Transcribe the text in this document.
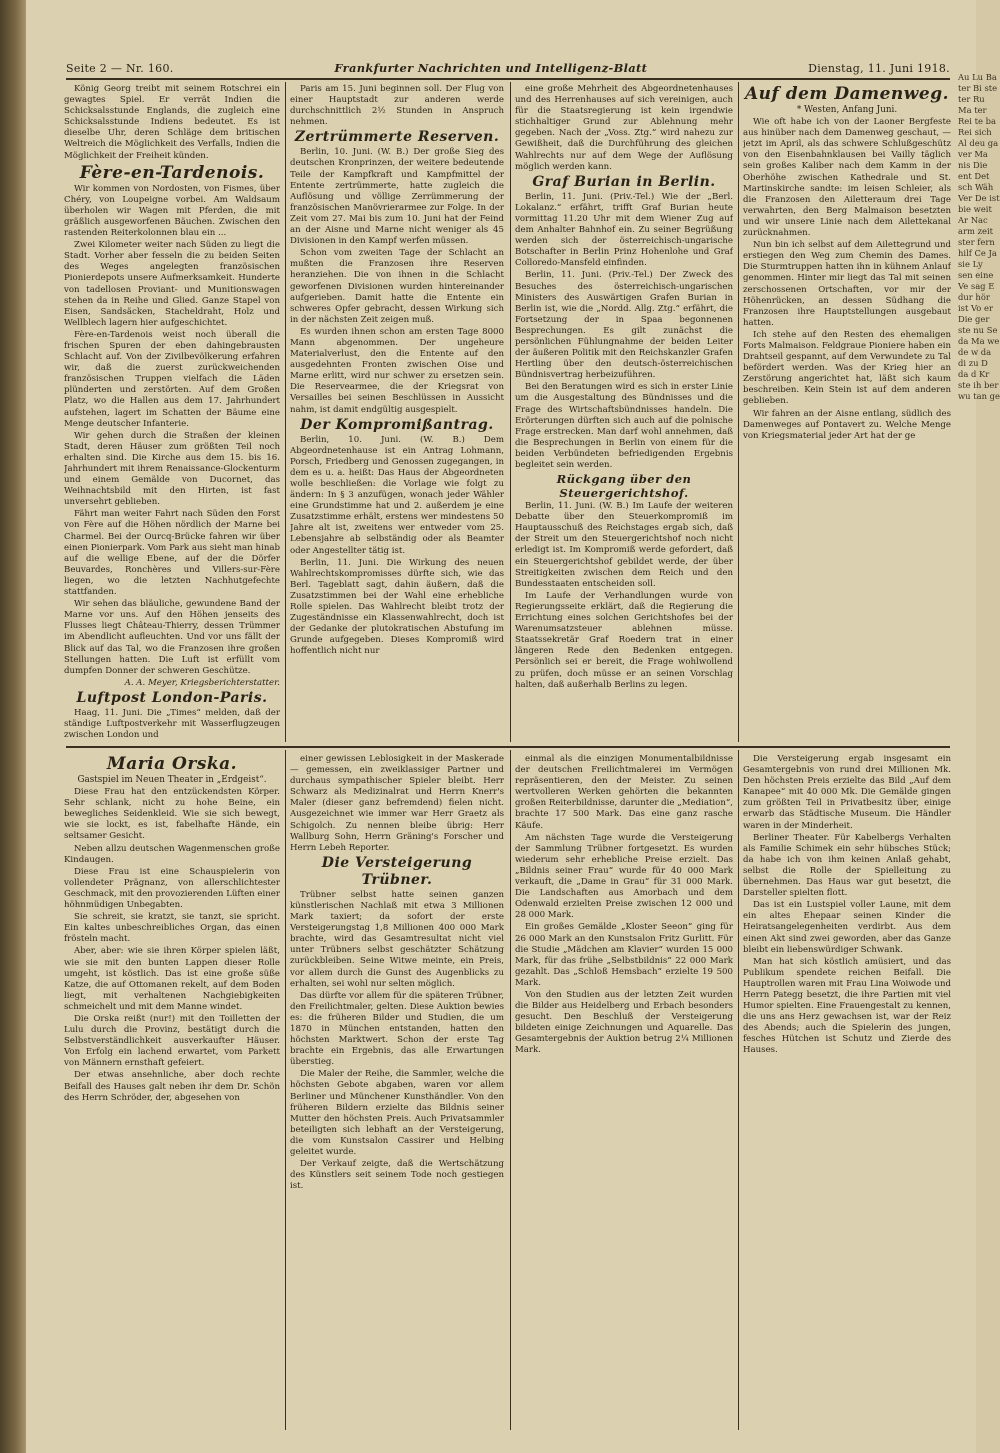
Seite 2 — Nr. 160.	Frankfurter Nachrichten und Intelligenz-Blatt	Dienstag, 11. Juni 1918.

König Georg treibt mit seinem Rotschrei ein gewagtes Spiel. Er verrät Indien die Schicksalsstunde Englands, die zugleich eine Schicksalsstunde Indiens bedeutet. Es ist dieselbe Uhr, deren Schläge dem britischen Weltreich die Möglichkeit des Verfalls, Indien die Möglichkeit der Freiheit künden.

Fère-en-Tardenois.

Wir kommen von Nordosten, von Fismes, über Chéry, von Loupeigne vorbei. Am Waldsaum überholen wir Wagen mit Pferden, die mit gräßlich ausgeworfenen Bäuchen. Zwischen den rastenden Reiterkolonnen blau ein ...

Zwei Kilometer weiter nach Süden zu liegt die Stadt. Vorher aber fesseln die zu beiden Seiten des Weges angelegten französischen Pionierdepots unsere Aufmerksamkeit. Hunderte von tadellosen Proviant- und Munitionswagen stehen da in Reihe und Glied. Ganze Stapel von Eisen, Sandsäcken, Stacheldraht, Holz und Wellblech lagern hier aufgeschichtet.

Fère-en-Tardenois weist noch überall die frischen Spuren der eben dahingebrausten Schlacht auf. Von der Zivilbevölkerung erfahren wir, daß die zuerst zurückweichenden französischen Truppen vielfach die Läden plünderten und zerstörten. Auf dem Großen Platz, wo die Hallen aus dem 17. Jahrhundert aufstehen, lagert im Schatten der Bäume eine Menge deutscher Infanterie.

Wir gehen durch die Straßen der kleinen Stadt, deren Häuser zum größten Teil noch erhalten sind. Die Kirche aus dem 15. bis 16. Jahrhundert mit ihrem Renaissance-Glockenturm und einem Gemälde von Ducornet, das Weihnachtsbild mit den Hirten, ist fast unversehrt geblieben.

Fährt man weiter Fahrt nach Süden den Forst von Fère auf die Höhen nördlich der Marne bei Charmel. Bei der Ourcq-Brücke fahren wir über einen Pionierpark. Vom Park aus sieht man hinab auf die wellige Ebene, auf der die Dörfer Beuvardes, Ronchères und Villers-sur-Fère liegen, wo die letzten Nachhutgefechte stattfanden.

Wir sehen das bläuliche, gewundene Band der Marne vor uns. Auf den Höhen jenseits des Flusses liegt Château-Thierry, dessen Trümmer im Abendlicht aufleuchten. Und vor uns fällt der Blick auf das Tal, wo die Franzosen ihre großen Stellungen hatten. Die Luft ist erfüllt vom dumpfen Donner der schweren Geschütze.

A. A. Meyer, Kriegsberichterstatter.

Luftpost London-Paris.

Haag, 11. Juni. Die „Times“ melden, daß der ständige Luftpostverkehr mit Wasserflugzeugen zwischen London und

Paris am 15. Juni beginnen soll. Der Flug von einer Hauptstadt zur anderen werde durchschnittlich 2½ Stunden in Anspruch nehmen.

Zertrümmerte Reserven.

Berlin, 10. Juni. (W. B.) Der große Sieg des deutschen Kronprinzen, der weitere bedeutende Teile der Kampfkraft und Kampfmittel der Entente zertrümmerte, hatte zugleich die Auflösung und völlige Zerrümmerung der französischen Manövrierarmee zur Folge. In der Zeit vom 27. Mai bis zum 10. Juni hat der Feind an der Aisne und Marne nicht weniger als 45 Divisionen in den Kampf werfen müssen.

Schon vom zweiten Tage der Schlacht an mußten die Franzosen ihre Reserven heranziehen. Die von ihnen in die Schlacht geworfenen Divisionen wurden hintereinander aufgerieben. Damit hatte die Entente ein schweres Opfer gebracht, dessen Wirkung sich in der nächsten Zeit zeigen muß.

Es wurden ihnen schon am ersten Tage 8000 Mann abgenommen. Der ungeheure Materialverlust, den die Entente auf den ausgedehnten Fronten zwischen Oise und Marne erlitt, wird nur schwer zu ersetzen sein. Die Reservearmee, die der Kriegsrat von Versailles bei seinen Beschlüssen in Aussicht nahm, ist damit endgültig ausgespielt.

Der Kompromißantrag.

Berlin, 10. Juni. (W. B.) Dem Abgeordnetenhause ist ein Antrag Lohmann, Porsch, Friedberg und Genossen zugegangen, in dem es u. a. heißt: Das Haus der Abgeordneten wolle beschließen: die Vorlage wie folgt zu ändern: In § 3 anzufügen, wonach jeder Wähler eine Grundstimme hat und 2. außerdem je eine Zusatzstimme erhält, erstens wer mindestens 50 Jahre alt ist, zweitens wer entweder vom 25. Lebensjahre ab selbständig oder als Beamter oder Angestellter tätig ist.

Berlin, 11. Juni. Die Wirkung des neuen Wahlrechtskompromisses dürfte sich, wie das Berl. Tageblatt sagt, dahin äußern, daß die Zusatzstimmen bei der Wahl eine erhebliche Rolle spielen. Das Wahlrecht bleibt trotz der Zugeständnisse ein Klassenwahlrecht, doch ist der Gedanke der plutokratischen Abstufung im Grunde aufgegeben. Dieses Kompromiß wird hoffentlich nicht nur

eine große Mehrheit des Abgeordnetenhauses und des Herrenhauses auf sich vereinigen, auch für die Staatsregierung ist kein irgendwie stichhaltiger Grund zur Ablehnung mehr gegeben. Nach der „Voss. Ztg.“ wird nahezu zur Gewißheit, daß die Durchführung des gleichen Wahlrechts nur auf dem Wege der Auflösung möglich werden kann.

Graf Burian in Berlin.

Berlin, 11. Juni. (Priv.-Tel.) Wie der „Berl. Lokalanz.“ erfährt, trifft Graf Burian heute vormittag 11.20 Uhr mit dem Wiener Zug auf dem Anhalter Bahnhof ein. Zu seiner Begrüßung werden sich der österreichisch-ungarische Botschafter in Berlin Prinz Hohenlohe und Graf Colloredo-Mansfeld einfinden.

Berlin, 11. Juni. (Priv.-Tel.) Der Zweck des Besuches des österreichisch-ungarischen Ministers des Auswärtigen Grafen Burian in Berlin ist, wie die „Nordd. Allg. Ztg.“ erfährt, die Fortsetzung der in Spaa begonnenen Besprechungen. Es gilt zunächst die persönlichen Fühlungnahme der beiden Leiter der äußeren Politik mit den Reichskanzler Grafen Hertling über den deutsch-österreichischen Bündnisvertrag herbeizuführen.

Bei den Beratungen wird es sich in erster Linie um die Ausgestaltung des Bündnisses und die Frage des Wirtschaftsbündnisses handeln. Die Erörterungen dürften sich auch auf die polnische Frage erstrecken. Man darf wohl annehmen, daß die Besprechungen in Berlin von einem für die beiden Verbündeten befriedigenden Ergebnis begleitet sein werden.

Rückgang über den Steuergerichtshof.

Berlin, 11. Juni. (W. B.) Im Laufe der weiteren Debatte über den Steuerkompromiß im Hauptausschuß des Reichstages ergab sich, daß der Streit um den Steuergerichtshof noch nicht erledigt ist. Im Kompromiß werde gefordert, daß ein Steuergerichtshof gebildet werde, der über Streitigkeiten zwischen dem Reich und den Bundesstaaten entscheiden soll.

Im Laufe der Verhandlungen wurde von Regierungsseite erklärt, daß die Regierung die Errichtung eines solchen Gerichtshofes bei der Warenumsatzsteuer ablehnen müsse. Staatssekretär Graf Roedern trat in einer längeren Rede den Bedenken entgegen. Persönlich sei er bereit, die Frage wohlwollend zu prüfen, doch müsse er an seinen Vorschlag halten, daß außerhalb Berlins zu legen.

Auf dem Damenweg.

* Westen, Anfang Juni.

Wie oft habe ich von der Laoner Bergfeste aus hinüber nach dem Damenweg geschaut, — jetzt im April, als das schwere Schlußgeschütz von den Eisenbahnklausen bei Vailly täglich sein großes Kaliber nach dem Kamm in der Oberhöhe zwischen Kathedrale und St. Martinskirche sandte: im leisen Schleier, als die Franzosen den Ailetteraum drei Tage verwahrten, den Berg Malmaison besetzten und wir unsere Linie nach dem Ailettekanal zurücknahmen.

Nun bin ich selbst auf dem Ailettegrund und erstiegen den Weg zum Chemin des Dames. Die Sturmtruppen hatten ihn in kühnem Anlauf genommen. Hinter mir liegt das Tal mit seinen zerschossenen Ortschaften, vor mir der Höhenrücken, an dessen Südhang die Franzosen ihre Hauptstellungen ausgebaut hatten.

Ich stehe auf den Resten des ehemaligen Forts Malmaison. Feldgraue Pioniere haben ein Drahtseil gespannt, auf dem Verwundete zu Tal befördert werden. Was der Krieg hier an Zerstörung angerichtet hat, läßt sich kaum beschreiben. Kein Stein ist auf dem anderen geblieben.

Wir fahren an der Aisne entlang, südlich des Damenweges auf Pontavert zu. Welche Menge von Kriegsmaterial jeder Art hat der ge

Maria Orska.

Gastspiel im Neuen Theater in „Erdgeist“.

Diese Frau hat den entzückendsten Körper. Sehr schlank, nicht zu hohe Beine, ein bewegliches Seidenkleid. Wie sie sich bewegt, wie sie lockt, es ist, fabelhafte Hände, ein seltsamer Gesicht.

Neben allzu deutschen Wagenmenschen große Kindaugen.

Diese Frau ist eine Schauspielerin von vollendeter Prägnanz, von allerschlichtester Geschmack, mit den provozierenden Lüften einer höhnmüdigen Unbegabten.

Sie schreit, sie kratzt, sie tanzt, sie spricht. Ein kaltes unbeschreibliches Organ, das einen frösteln macht.

Aber, aber: wie sie ihren Körper spielen läßt, wie sie mit den bunten Lappen dieser Rolle umgeht, ist köstlich. Das ist eine große süße Katze, die auf Ottomanen rekelt, auf dem Boden liegt, mit verhaltenen Nachgiebigkeiten schmeichelt und mit dem Manne windet.

Die Orska reißt (nur!) mit den Toilletten der Lulu durch die Provinz, bestätigt durch die Selbstverständlichkeit ausverkaufter Häuser. Von Erfolg ein lachend erwartet, vom Parkett von Männern ernsthaft gefeiert.

Der etwas ansehnliche, aber doch rechte Beifall des Hauses galt neben ihr dem Dr. Schön des Herrn Schröder, der, abgesehen von

einer gewissen Leblosigkeit in der Maskerade — gemessen, ein zweiklassiger Partner und durchaus sympathischer Spieler bleibt. Herr Schwarz als Medizinalrat und Herrn Knerr's Maler (dieser ganz befremdend) fielen nicht. Ausgezeichnet wie immer war Herr Graetz als Schigolch. Zu nennen bleibe übrig: Herr Wallburg Sohn, Herrn Gräning's Forscher und Herrn Lebeh Reporter.

Die Versteigerung Trübner.

Trübner selbst hatte seinen ganzen künstlerischen Nachlaß mit etwa 3 Millionen Mark taxiert; da sofort der erste Versteigerungstag 1,8 Millionen 400 000 Mark brachte, wird das Gesamtresultat nicht viel unter Trübners selbst geschätzter Schätzung zurückbleiben. Seine Witwe meinte, ein Preis, vor allem durch die Gunst des Augenblicks zu erhalten, sei wohl nur selten möglich.

Das dürfte vor allem für die späteren Trübner, den Freilichtmaler, gelten. Diese Auktion bewies es: die früheren Bilder und Studien, die um 1870 in München entstanden, hatten den höchsten Marktwert. Schon der erste Tag brachte ein Ergebnis, das alle Erwartungen überstieg.

Die Maler der Reihe, die Sammler, welche die höchsten Gebote abgaben, waren vor allem Berliner und Münchener Kunsthändler. Von den früheren Bildern erzielte das Bildnis seiner Mutter den höchsten Preis. Auch Privatsammler beteiligten sich lebhaft an der Versteigerung, die vom Kunstsalon Cassirer und Helbing geleitet wurde.

Der Verkauf zeigte, daß die Wertschätzung des Künstlers seit seinem Tode noch gestiegen ist.

einmal als die einzigen Monumentalbildnisse der deutschen Freilichtmalerei im Vermögen repräsentieren, den der Meister. Zu seinen wertvolleren Werken gehörten die bekannten großen Reiterbildnisse, darunter die „Mediation“, brachte 17 500 Mark. Das eine ganz rasche Käufe.

Am nächsten Tage wurde die Versteigerung der Sammlung Trübner fortgesetzt. Es wurden wiederum sehr erhebliche Preise erzielt. Das „Bildnis seiner Frau“ wurde für 40 000 Mark verkauft, die „Dame in Grau“ für 31 000 Mark. Die Landschaften aus Amorbach und dem Odenwald erzielten Preise zwischen 12 000 und 28 000 Mark.

Ein großes Gemälde „Kloster Seeon“ ging für 26 000 Mark an den Kunstsalon Fritz Gurlitt. Für die Studie „Mädchen am Klavier“ wurden 15 000 Mark, für das frühe „Selbstbildnis“ 22 000 Mark gezahlt. Das „Schloß Hemsbach“ erzielte 19 500 Mark.

Von den Studien aus der letzten Zeit wurden die Bilder aus Heidelberg und Erbach besonders gesucht. Den Beschluß der Versteigerung bildeten einige Zeichnungen und Aquarelle. Das Gesamtergebnis der Auktion betrug 2¼ Millionen Mark.

Die Versteigerung ergab insgesamt ein Gesamtergebnis von rund drei Millionen Mk. Den höchsten Preis erzielte das Bild „Auf dem Kanapee“ mit 40 000 Mk. Die Gemälde gingen zum größten Teil in Privatbesitz über, einige erwarb das Städtische Museum. Die Händler waren in der Minderheit.

Berliner Theater. Für Kabelbergs Verhalten als Familie Schimek ein sehr hübsches Stück; da habe ich von ihm keinen Anlaß gehabt, selbst die Rolle der Spielleitung zu übernehmen. Das Haus war gut besetzt, die Darsteller spielten flott.

Das ist ein Lustspiel voller Laune, mit dem ein altes Ehepaar seinen Kinder die Heiratsangelegenheiten verdirbt. Aus dem einen Akt sind zwei geworden, aber das Ganze bleibt ein liebenswürdiger Schwank.

Man hat sich köstlich amüsiert, und das Publikum spendete reichen Beifall. Die Hauptrollen waren mit Frau Lina Woiwode und Herrn Pategg besetzt, die ihre Partien mit viel Humor spielten. Eine Frauengestalt zu kennen, die uns ans Herz gewachsen ist, war der Reiz des Abends; auch die Spielerin des jungen, fesches Hütchen ist Schutz und Zierde des Hauses.

Au Lu Ba ter Bi ste ter Ru Ma ter Rei te ba Rei sich Al deu ga ver Ma nis Die ent Det sch Wäh Ver De ist bie weit Ar Nac arm zeit ster fern hilf Ce Ja sie Ly sen eine Ve sag E dur hör ist Vo er Die ger ste nu Se da Ma we de w da di zu D da d Kr ste ih ber wu tan ge
